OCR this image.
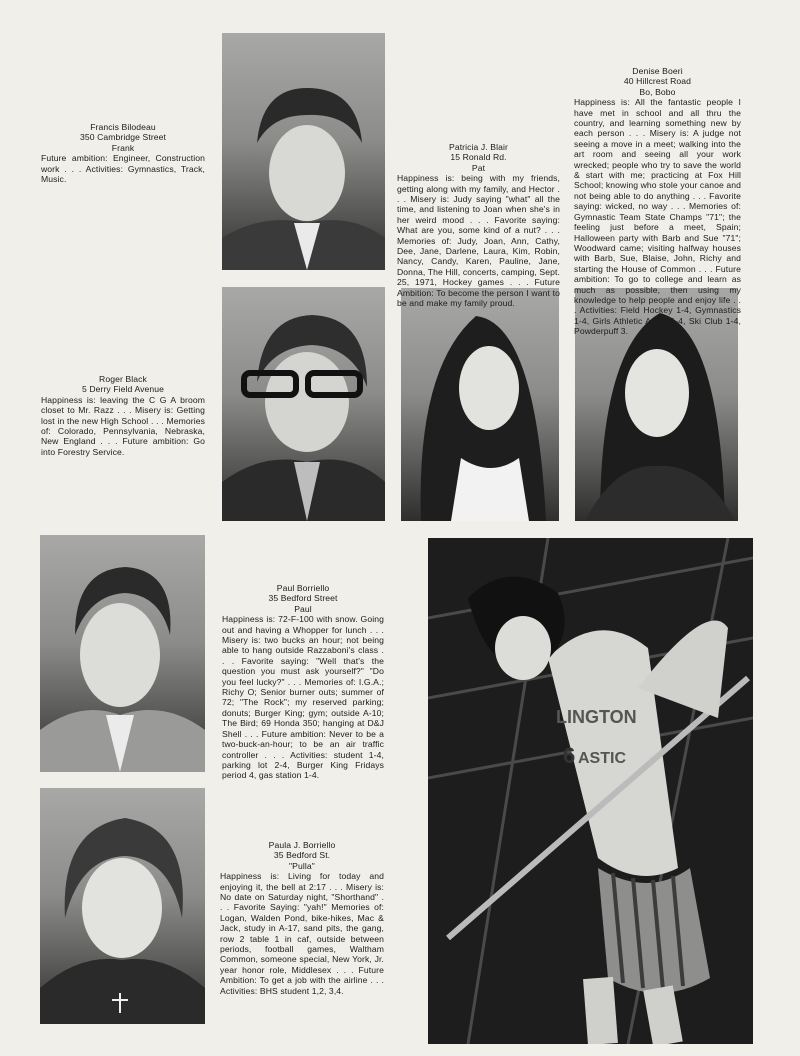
LINGTON
ASTIC
6
Francis Bilodeau
350 Cambridge Street
Frank
Future ambition: Engineer, Construction work . . . Activities: Gymnastics, Track, Music.
Patricia J. Blair
15 Ronald Rd.
Pat
Happiness is: being with my friends, getting along with my family, and Hector . . . Misery is: Judy saying "what" all the time, and listening to Joan when she's in her weird mood . . . Favorite saying: What are you, some kind of a nut? . . . Memories of: Judy, Joan, Ann, Cathy, Dee, Jane, Darlene, Laura, Kim, Robin, Nancy, Candy, Karen, Pauline, Jane, Donna, The Hill, concerts, camping, Sept. 25, 1971, Hockey games . . . Future Ambition: To become the person I want to be and make my family proud.
Denise Boeri
40 Hillcrest Road
Bo, Bobo
Happiness is: All the fantastic people I have met in school and all thru the country, and learning something new by each person . . . Misery is: A judge not seeing a move in a meet; walking into the art room and seeing all your work wrecked; people who try to save the world & start with me; practicing at Fox Hill School; knowing who stole your canoe and not being able to do anything . . . Favorite saying: wicked, no way . . . Memories of: Gymnastic Team State Champs "71"; the feeling just before a meet, Spain; Halloween party with Barb and Sue "71"; Woodward came; visiting halfway houses with Barb, Sue, Blaise, John, Richy and starting the House of Common . . . Future ambition: To go to college and learn as much as possible, then using my knowledge to help people and enjoy life . . . Activities: Field Hockey 1-4, Gymnastics 1-4, Girls Athletic Asso. 1-4, Ski Club 1-4, Powderpuff 3.
Roger Black
5 Derry Field Avenue
Happiness is: leaving the C G A broom closet to Mr. Razz . . . Misery is: Getting lost in the new High School . . . Memories of: Colorado, Pennsylvania, Nebraska, New England . . . Future ambition: Go into Forestry Service.
Paul Borriello
35 Bedford Street
Paul
Happiness is: 72-F-100 with snow. Going out and having a Whopper for lunch . . . Misery is: two bucks an hour; not being able to hang outside Razzaboni's class . . . Favorite saying: "Well that's the question you must ask yourself?" "Do you feel lucky?" . . . Memories of: I.G.A.; Richy O; Senior burner outs; summer of 72; "The Rock"; my reserved parking; donuts; Burger King; gym; outside A-10; The Bird; 69 Honda 350; hanging at D&J Shell . . . Future ambition: Never to be a two-buck-an-hour; to be an air traffic controller . . . Activities: student 1-4, parking lot 2-4, Burger King Fridays period 4, gas station 1-4.
Paula J. Borriello
35 Bedford St.
"Pulla"
Happiness is: Living for today and enjoying it, the bell at 2:17 . . . Misery is: No date on Saturday night, "Shorthand" . . . Favorite Saying: "yah!" Memories of: Logan, Walden Pond, bike-hikes, Mac & Jack, study in A-17, sand pits, the gang, row 2 table 1 in caf, outside between periods, football games, Waltham Common, someone special, New York, Jr. year honor role, Middlesex . . . Future Ambition: To get a job with the airline . . . Activities: BHS student 1,2, 3,4.
